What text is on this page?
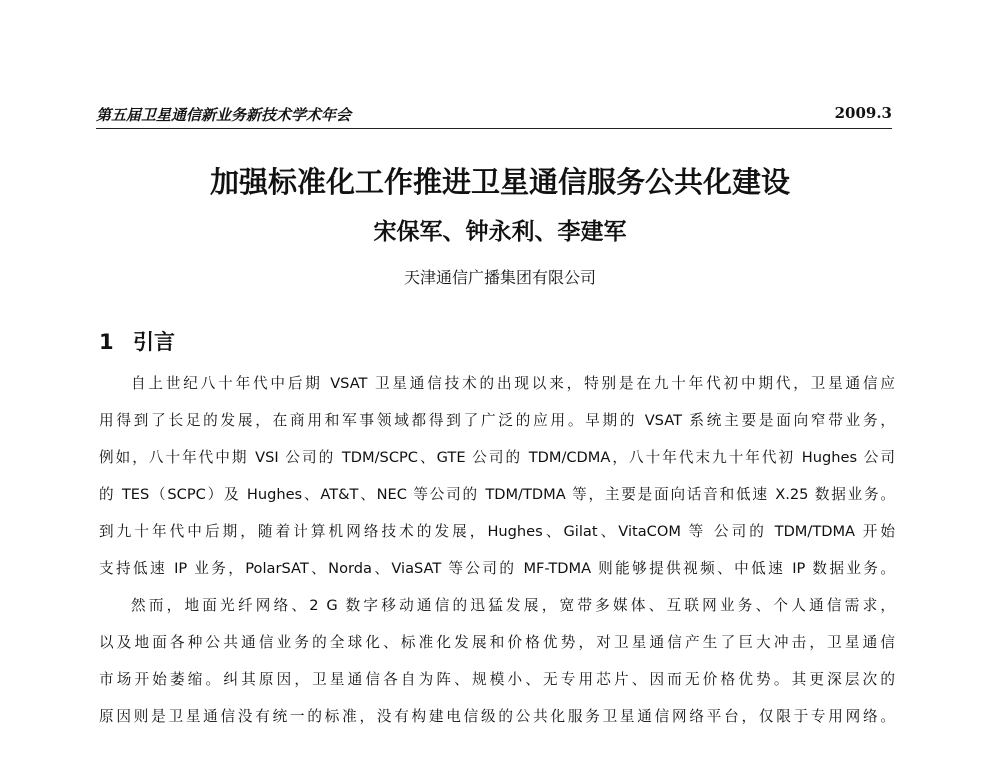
第五届卫星通信新业务新技术学术年会	2009.3
加强标准化工作推进卫星通信服务公共化建设
宋保军、钟永利、李建军
天津通信广播集团有限公司
1 引言
自上世纪八十年代中后期 VSAT 卫星通信技术的出现以来，特别是在九十年代初中期代，卫星通信应
用得到了长足的发展，在商用和军事领域都得到了广泛的应用。早期的 VSAT 系统主要是面向窄带业务，
例如，八十年代中期 VSI 公司的 TDM/SCPC、GTE 公司的 TDM/CDMA，八十年代末九十年代初 Hughes 公司
的 TES（SCPC）及 Hughes、AT&T、NEC 等公司的 TDM/TDMA 等，主要是面向话音和低速 X.25 数据业务。
到九十年代中后期，随着计算机网络技术的发展，Hughes、Gilat、VitaCOM 等 公司的 TDM/TDMA 开始
支持低速 IP 业务，PolarSAT、Norda、ViaSAT 等公司的 MF-TDMA 则能够提供视频、中低速 IP 数据业务。
然而，地面光纤网络、2 G 数字移动通信的迅猛发展，宽带多媒体、互联网业务、个人通信需求，
以及地面各种公共通信业务的全球化、标准化发展和价格优势，对卫星通信产生了巨大冲击，卫星通信
市场开始萎缩。纠其原因，卫星通信各自为阵、规模小、无专用芯片、因而无价格优势。其更深层次的
原因则是卫星通信没有统一的标准，没有构建电信级的公共化服务卫星通信网络平台，仅限于专用网络。
